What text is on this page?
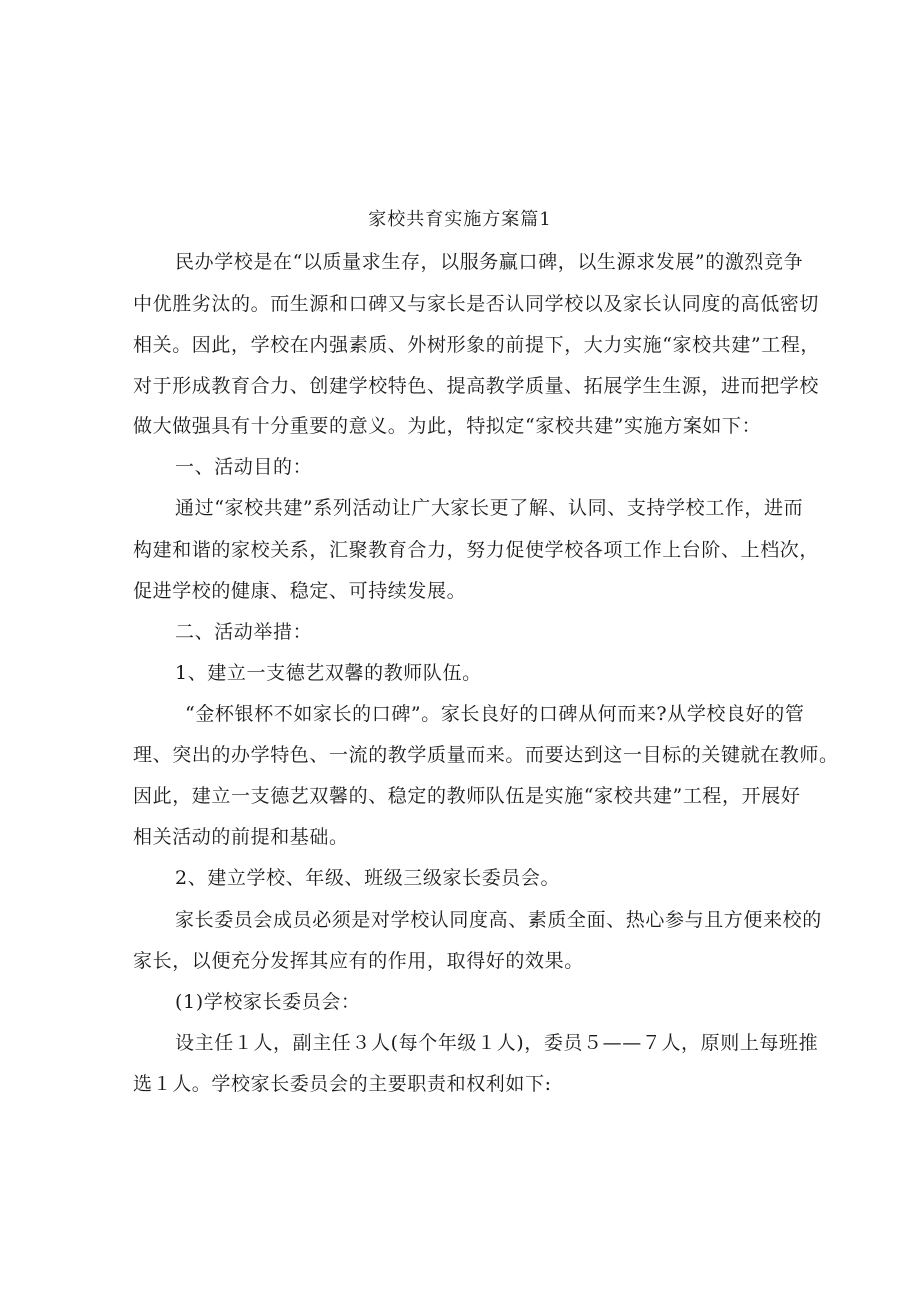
家校共育实施方案篇1
民办学校是在“以质量求生存，以服务赢口碑，以生源求发展”的激烈竞争
中优胜劣汰的。而生源和口碑又与家长是否认同学校以及家长认同度的高低密切
相关。因此，学校在内强素质、外树形象的前提下，大力实施“家校共建”工程，
对于形成教育合力、创建学校特色、提高教学质量、拓展学生生源，进而把学校
做大做强具有十分重要的意义。为此，特拟定“家校共建”实施方案如下：
一、活动目的：
通过“家校共建”系列活动让广大家长更了解、认同、支持学校工作，进而
构建和谐的家校关系，汇聚教育合力，努力促使学校各项工作上台阶、上档次，
促进学校的健康、稳定、可持续发展。
二、活动举措：
1、建立一支德艺双馨的教师队伍。
“金杯银杯不如家长的口碑”。家长良好的口碑从何而来?从学校良好的管
理、突出的办学特色、一流的教学质量而来。而要达到这一目标的关键就在教师。
因此，建立一支德艺双馨的、稳定的教师队伍是实施“家校共建”工程，开展好
相关活动的前提和基础。
2、建立学校、年级、班级三级家长委员会。
家长委员会成员必须是对学校认同度高、素质全面、热心参与且方便来校的
家长，以便充分发挥其应有的作用，取得好的效果。
(1)学校家长委员会：
设主任１人，副主任３人(每个年级１人)，委员５——７人，原则上每班推
选１人。学校家长委员会的主要职责和权利如下:
